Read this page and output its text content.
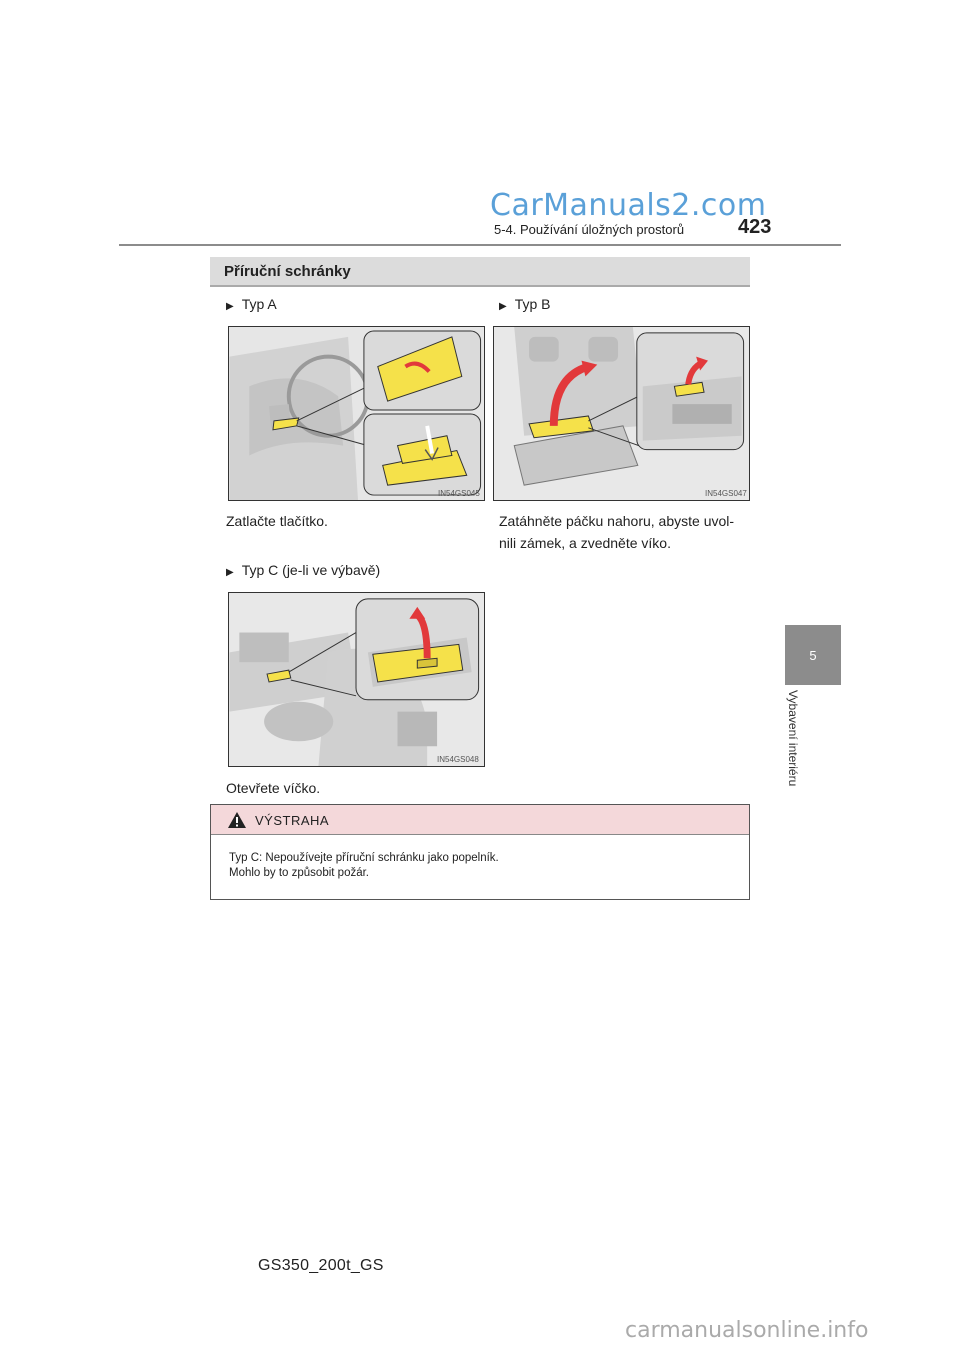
CarManuals2.com
5-4. Používání úložných prostorů	423
5
Vybavení interiéru
Příruční schránky
▶ Typ A
IN54GS045
Zatlačte tlačítko.
▶ Typ B
IN54GS047
Zatáhněte páčku nahoru, abyste uvol-
nili zámek, a zvedněte víko.
▶ Typ C (je-li ve výbavě)
IN54GS048
Otevřete víčko.
VÝSTRAHA
Typ C: Nepoužívejte příruční schránku jako popelník.
Mohlo by to způsobit požár.
GS350_200t_GS
carmanualsonline.info
